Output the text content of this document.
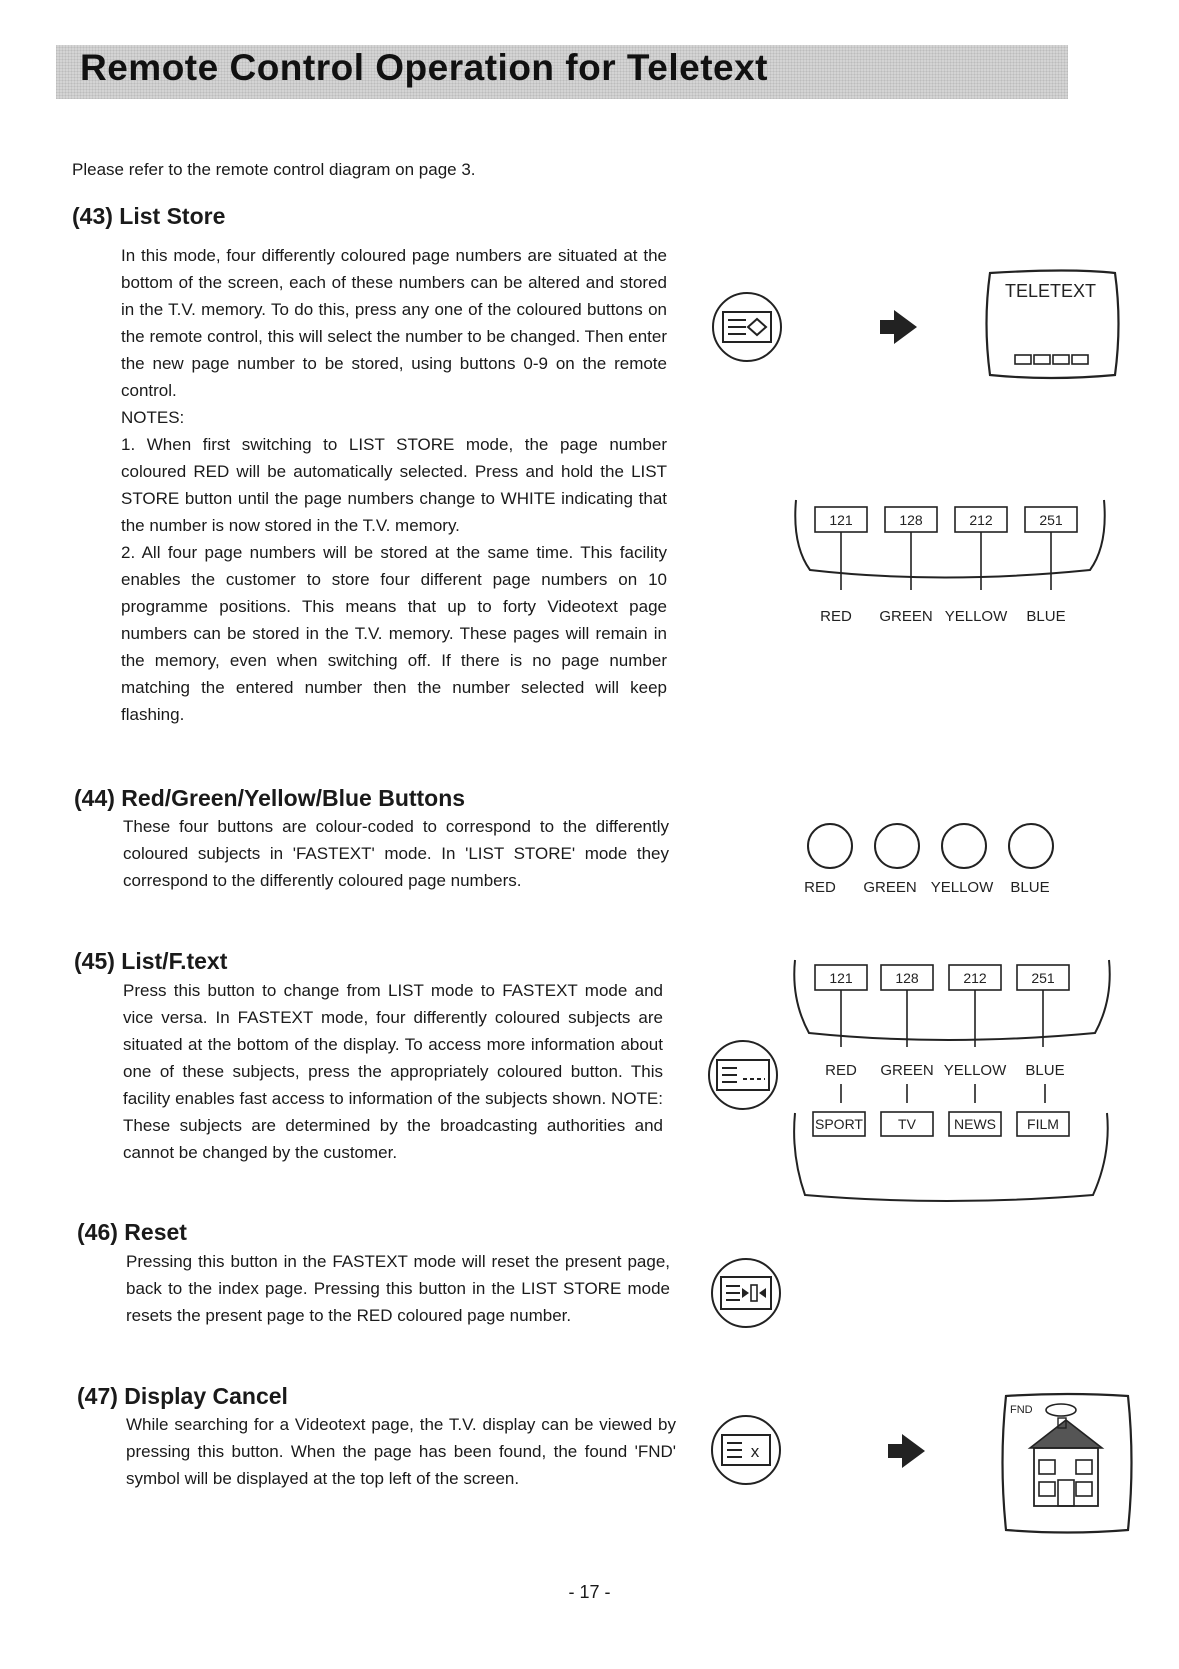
Remote Control Operation for Teletext
Please refer to the remote control diagram on page 3.
(43) List Store

In this mode, four differently coloured page numbers are situated at the bottom of the screen, each of these numbers can be altered and stored in the T.V. memory. To do this, press any one of the coloured buttons on the remote control, this will select the number to be changed. Then enter the new page number to be stored, using buttons 0-9 on the remote control.

NOTES:

1. When first switching to LIST STORE mode, the page number coloured RED will be automatically selected. Press and hold the LIST STORE button until the page numbers change to WHITE indicating that the number is now stored in the T.V. memory.

2. All four page numbers will be stored at the same time. This facility enables the customer to store four different page numbers on 10 programme positions. This means that up to forty Videotext page numbers can be stored in the T.V. memory. These pages will remain in the memory, even when switching off. If there is no page number matching the entered number then the number selected will keep flashing.

(44) Red/Green/Yellow/Blue Buttons

These four buttons are colour-coded to correspond to the differently coloured subjects in 'FASTEXT' mode. In 'LIST STORE' mode they correspond to the differently coloured page numbers.

(45) List/F.text

Press this button to change from LIST mode to FASTEXT mode and vice versa. In FASTEXT mode, four differently coloured subjects are situated at the bottom of the display. To access more information about one of these subjects, press the appropriately coloured button. This facility enables fast access to information of the subjects shown. NOTE: These subjects are determined by the broadcasting authorities and cannot be changed by the customer.

(46) Reset

Pressing this button in the FASTEXT mode will reset the present page, back to the index page. Pressing this button in the LIST STORE mode resets the present page to the RED coloured page number.

(47) Display Cancel

While searching for a Videotext page, the T.V. display can be viewed by pressing this button. When the page has been found, the found 'FND' symbol will be displayed at the top left of the screen.

TELETEXT
121	128	212	251
RED GREEN YELLOW BLUE
RED GREEN YELLOW BLUE
121	128	212	251
RED GREEN YELLOW BLUE
SPORT	TV	NEWS FILM
x
FND
- 17 -
